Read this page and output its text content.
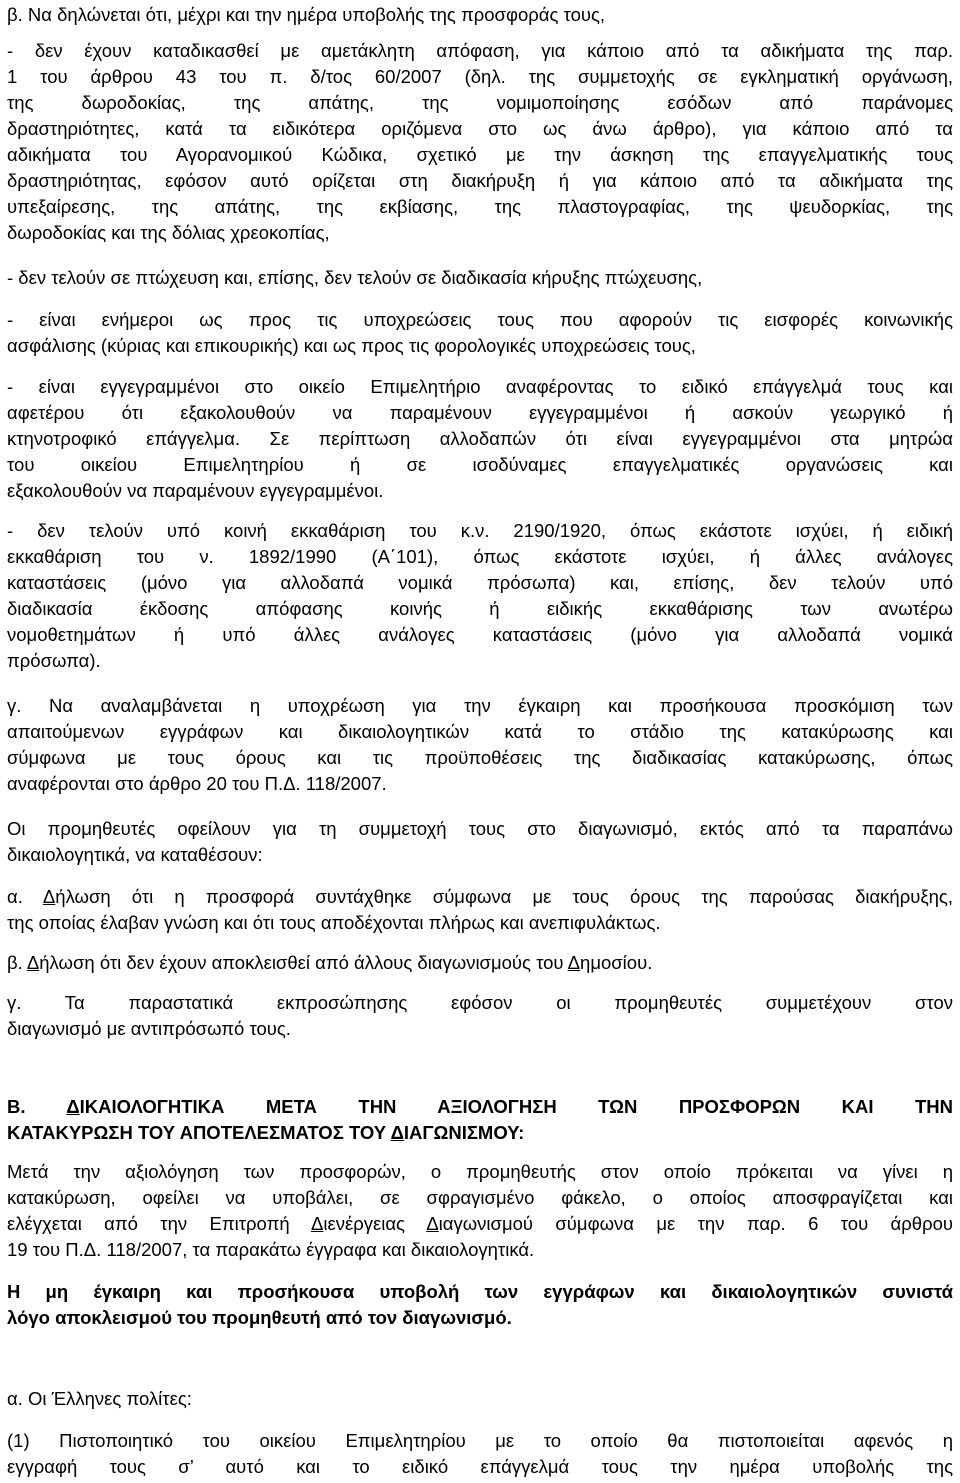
β. Να δηλώνεται ότι, μέχρι και την ημέρα υποβολής της προσφοράς τους,
- δεν έχουν καταδικασθεί με αμετάκλητη απόφαση, για κάποιο από τα αδικήματα της παρ.
1 του άρθρου 43 του π. δ/τος 60/2007 (δηλ. της συμμετοχής σε εγκληματική οργάνωση,
της δωροδοκίας, της απάτης, της νομιμοποίησης εσόδων από παράνομες
δραστηριότητες, κατά τα ειδικότερα οριζόμενα στο ως άνω άρθρο), για κάποιο από τα
αδικήματα του Αγορανομικού Κώδικα, σχετικό με την άσκηση της επαγγελματικής τους
δραστηριότητας, εφόσον αυτό ορίζεται στη διακήρυξη ή για κάποιο από τα αδικήματα της
υπεξαίρεσης, της απάτης, της εκβίασης, της πλαστογραφίας, της ψευδορκίας, της
δωροδοκίας και της δόλιας χρεοκοπίας,
- δεν τελούν σε πτώχευση και, επίσης, δεν τελούν σε διαδικασία κήρυξης πτώχευσης,
- είναι ενήμεροι ως προς τις υποχρεώσεις τους που αφορούν τις εισφορές κοινωνικής
ασφάλισης (κύριας και επικουρικής) και ως προς τις φορολογικές υποχρεώσεις τους,
- είναι εγγεγραμμένοι στο οικείο Επιμελητήριο αναφέροντας το ειδικό επάγγελμά τους και
αφετέρου ότι εξακολουθούν να παραμένουν εγγεγραμμένοι ή ασκούν γεωργικό ή
κτηνοτροφικό επάγγελμα. Σε περίπτωση αλλοδαπών ότι είναι εγγεγραμμένοι στα μητρώα
του οικείου Επιμελητηρίου ή σε ισοδύναμες επαγγελματικές οργανώσεις και
εξακολουθούν να παραμένουν εγγεγραμμένοι.
- δεν τελούν υπό κοινή εκκαθάριση του κ.ν. 2190/1920, όπως εκάστοτε ισχύει, ή ειδική
εκκαθάριση του ν. 1892/1990 (Α΄101), όπως εκάστοτε ισχύει, ή άλλες ανάλογες
καταστάσεις (μόνο για αλλοδαπά νομικά πρόσωπα) και, επίσης, δεν τελούν υπό
διαδικασία έκδοσης απόφασης κοινής ή ειδικής εκκαθάρισης των ανωτέρω
νομοθετημάτων ή υπό άλλες ανάλογες καταστάσεις (μόνο για αλλοδαπά νομικά
πρόσωπα).
γ. Να αναλαμβάνεται η υποχρέωση για την έγκαιρη και προσήκουσα προσκόμιση των
απαιτούμενων εγγράφων και δικαιολογητικών κατά το στάδιο της κατακύρωσης και
σύμφωνα με τους όρους και τις προϋποθέσεις της διαδικασίας κατακύρωσης, όπως
αναφέρονται στο άρθρο 20 του Π.Δ. 118/2007.
Οι προμηθευτές οφείλουν για τη συμμετοχή τους στο διαγωνισμό, εκτός από τα παραπάνω
δικαιολογητικά, να καταθέσουν:
α. Δήλωση ότι η προσφορά συντάχθηκε σύμφωνα με τους όρους της παρούσας διακήρυξης,
της οποίας έλαβαν γνώση και ότι τους αποδέχονται πλήρως και ανεπιφυλάκτως.
β. Δήλωση ότι δεν έχουν αποκλεισθεί από άλλους διαγωνισμούς του Δημοσίου.
γ. Τα παραστατικά εκπροσώπησης εφόσον οι προμηθευτές συμμετέχουν στον
διαγωνισμό με αντιπρόσωπό τους.
Β. ΔΙΚΑΙΟΛΟΓΗΤΙΚΑ ΜΕΤΑ ΤΗΝ ΑΞΙΟΛΟΓΗΣΗ ΤΩΝ ΠΡΟΣΦΟΡΩΝ ΚΑΙ ΤΗΝ
ΚΑΤΑΚΥΡΩΣΗ ΤΟΥ ΑΠΟΤΕΛΕΣΜΑΤΟΣ ΤΟΥ ΔΙΑΓΩΝΙΣΜΟΥ:
Μετά την αξιολόγηση των προσφορών, ο προμηθευτής στον οποίο πρόκειται να γίνει η
κατακύρωση, οφείλει να υποβάλει, σε σφραγισμένο φάκελο, ο οποίος αποσφραγίζεται και
ελέγχεται από την Επιτροπή Διενέργειας Διαγωνισμού σύμφωνα με την παρ. 6 του άρθρου
19 του Π.Δ. 118/2007, τα παρακάτω έγγραφα και δικαιολογητικά.
Η μη έγκαιρη και προσήκουσα υποβολή των εγγράφων και δικαιολογητικών συνιστά
λόγο αποκλεισμού του προμηθευτή από τον διαγωνισμό.
α. Οι Έλληνες πολίτες:
(1) Πιστοποιητικό του οικείου Επιμελητηρίου με το οποίο θα πιστοποιείται αφενός η
εγγραφή τους σ’ αυτό και το ειδικό επάγγελμά τους την ημέρα υποβολής της
